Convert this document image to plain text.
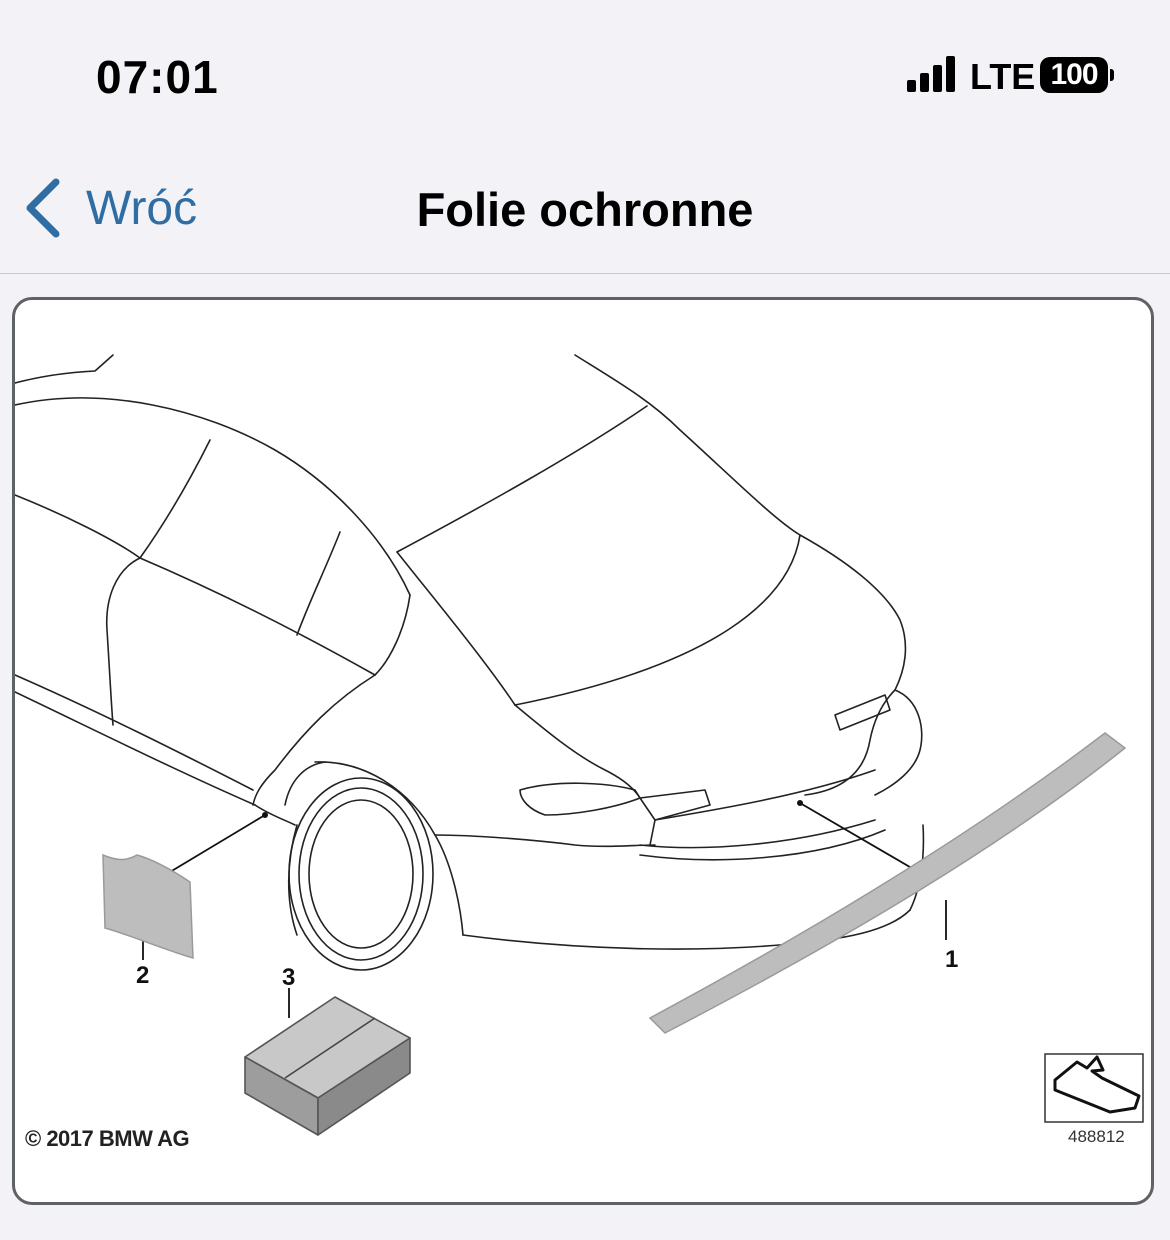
07:01	LTE 100
Wróć	Folie ochronne
1
2	3
© 2017 BMW AG	488812
